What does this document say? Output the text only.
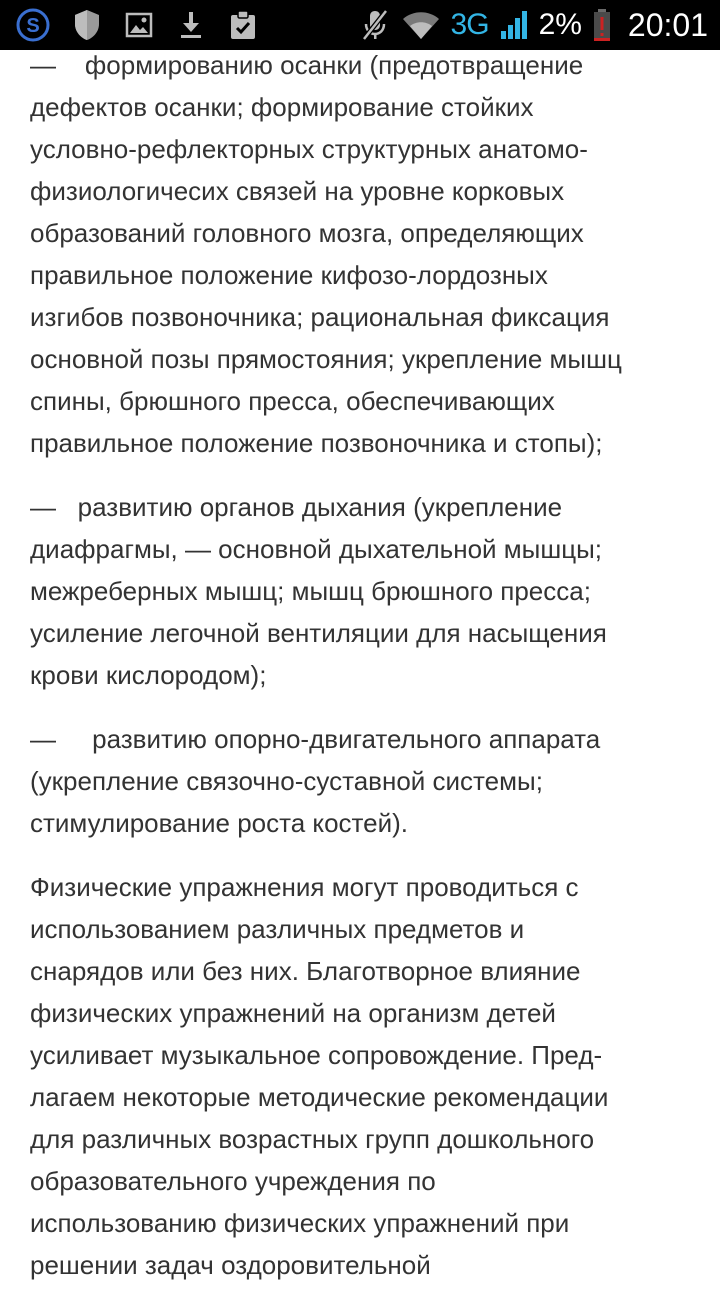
S	3G 2% 20:01
—    формированию осанки (предотвращение
дефектов осанки; формирование стойких
условно-рефлекторных структурных анатомо-
физиологичесих связей на уровне корковых
образований головного мозга, определяющих
правильное положение кифозо-лордозных
изгибов позвоночника; рациональная фиксация
основной позы прямостояния; укрепление мышц
спины, брюшного пресса, обеспечивающих
правильное положение позвоночника и стопы);
—   развитию органов дыхания (укрепление
диафрагмы, — основной дыхательной мышцы;
межреберных мышц; мышц брюшного пресса;
усиление легочной вентиляции для насыщения
крови кислородом);
—     развитию опорно-двигательного аппарата
(укрепление связочно-суставной системы;
стимулирование роста костей).
Физические упражнения могут проводиться с
использованием различных предметов и
снарядов или без них. Благотворное влияние
физических упражнений на организм детей
усиливает музыкальное сопровождение. Пред-
лагаем некоторые методические рекомендации
для различных возрастных групп дошкольного
образовательного учреждения по
использованию физических упражнений при
решении задач оздоровительной
